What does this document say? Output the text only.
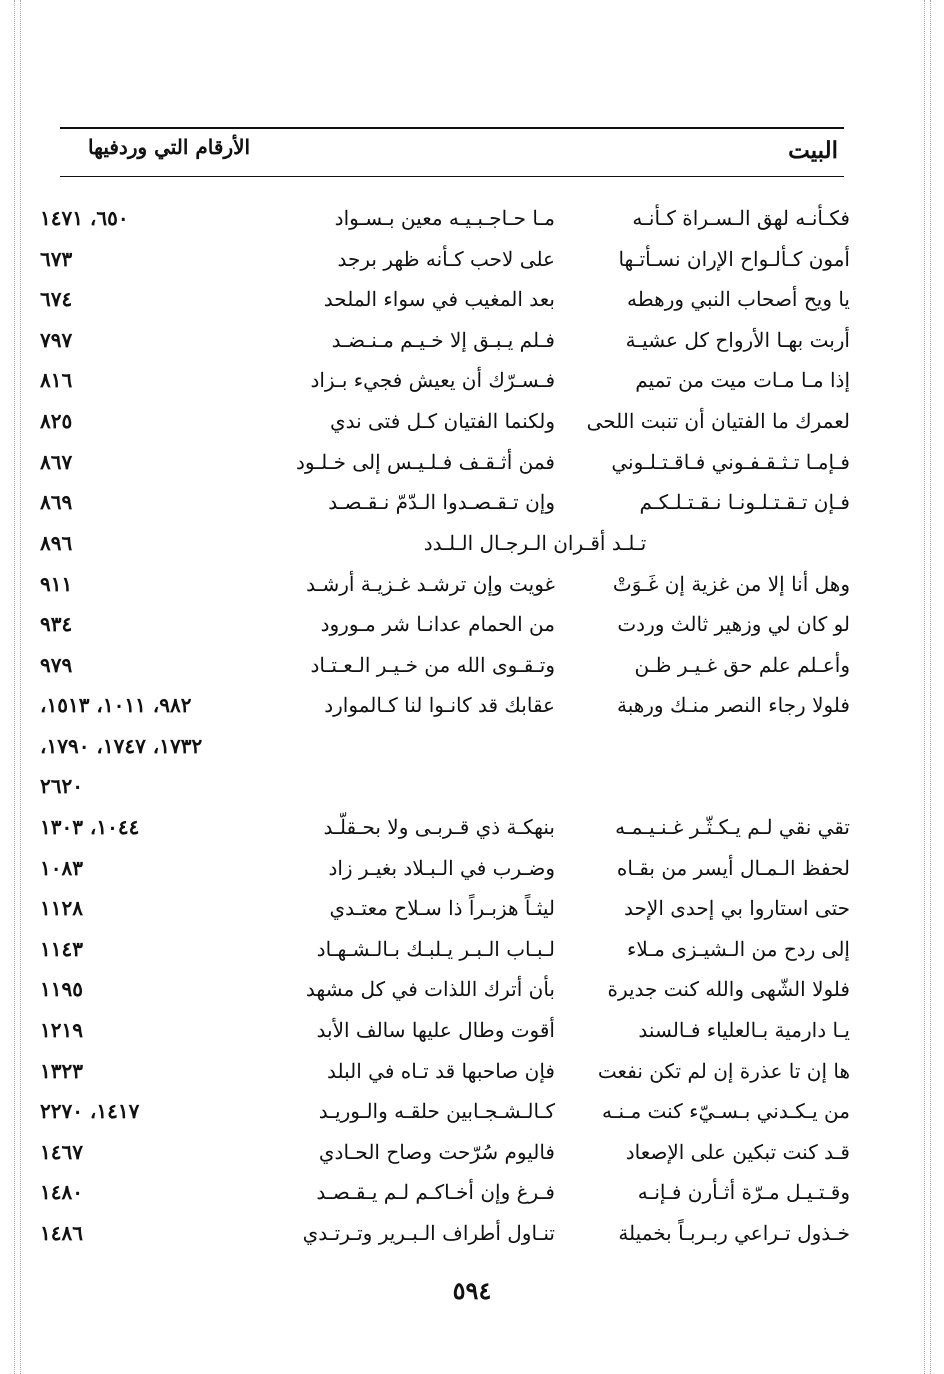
البيت
الأرقام التي وردفيها
فكـأنـه لهق الـسـراة كـأنـه
مـا حـاجـبـيـه معين بـسـواد
٦٥٠، ١٤٧١
أمون كـألـواح الإران نسـأتـها
على لاحب كـأنه ظهر برجد
٦٧٣
يا ويح أصحاب النبي ورهطه
بعد المغيب في سواء الملحد
٦٧٤
أربت بهـا الأرواح كل عشيـة
فـلم يـبـق إلا خـيـم مـنـضـد
٧٩٧
إذا مـا مـات ميت من تميم
فـسـرّك أن يعيش فجيء بـزاد
٨١٦
لعمرك ما الفتيان أن تنبت اللحى
ولكنما الفتيان كـل فتى ندي
٨٢٥
فـإمـا تـثـقـفـوني فـاقـتـلـوني
فمن أثـقـف فـلـيـس إلى خـلـود
٨٦٧
فـإن تـقـتـلـونـا نـقـتـلـكـم
وإن تـقـصـدوا الـدّمّ نـقـصـد
٨٦٩
تـلـد أقـران الـرجـال الـلـدد
٨٩٦
وهل أنا إلا من غزية إن غَـوَتْ
غويت وإن ترشـد غـزيـة أرشـد
٩١١
لو كان لي وزهير ثالث وردت
من الحمام عدانـا شر مـورود
٩٣٤
وأعـلم علم حق غـيـر ظـن
وتـقـوى الله من خـيـر الـعـتـاد
٩٧٩
فلولا رجاء النصر منـك ورهبة
عقابك قد كانـوا لنا كـالموارد
٩٨٢، ١٠١١، ١٥١٣،
١٧٣٢، ١٧٤٧، ١٧٩٠،
٢٦٢٠
تقي نقي لـم يـكـثّـر غـنـيـمـه
بنهكـة ذي قـربـى ولا بحـقلّـد
١٠٤٤، ١٣٠٣
لحفظ الـمـال أيسر من بقـاه
وضـرب في الـبـلاد بغيـر زاد
١٠٨٣
حتى استاروا بي إحدى الإحد
ليثـاً هزبـراً ذا سـلاح معتـدي
١١٢٨
إلى ردح من الـشيـزى مـلاء
لـبـاب الـبـر يـلبـك بـالـشـهـاد
١١٤٣
فلولا الشّهى والله كنت جديرة
بأن أترك اللذات في كل مشهد
١١٩٥
يـا دارمية بـالعلياء فـالسند
أقوت وطال عليها سالف الأبد
١٢١٩
ها إن تا عذرة إن لم تكن نفعت
فإن صاحبها قد تـاه في البلد
١٣٢٣
من يـكـدني بـسـيّء كنت مـنـه
كـالـشـجـابين حلقـه والـوريـد
١٤١٧، ٢٢٧٠
قـد كنت تبكين على الإصعاد
فاليوم سُرّحت وصاح الحـادي
١٤٦٧
وقـتـيـل مـرّة أثـأرن فـإنـه
فـرغ وإن أخـاكـم لـم يـقـصـد
١٤٨٠
خـذول تـراعي ربـربـاً بخميلة
تنـاول أطراف الـبـرير وتـرتـدي
١٤٨٦
٥٩٤
